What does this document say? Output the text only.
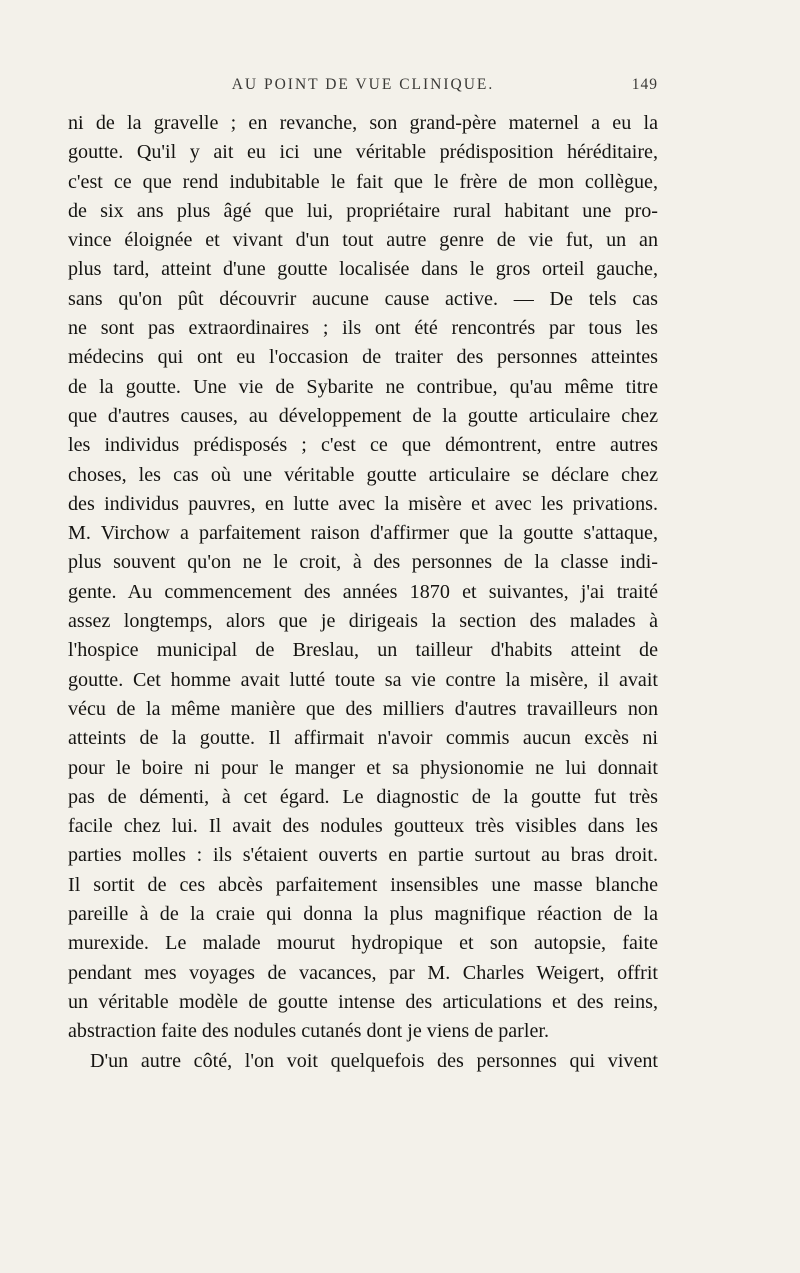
AU POINT DE VUE CLINIQUE.	149
ni de la gravelle ; en revanche, son grand-père maternel a eu la
goutte. Qu'il y ait eu ici une véritable prédisposition héréditaire,
c'est ce que rend indubitable le fait que le frère de mon collègue,
de six ans plus âgé que lui, propriétaire rural habitant une pro-
vince éloignée et vivant d'un tout autre genre de vie fut, un an
plus tard, atteint d'une goutte localisée dans le gros orteil gauche,
sans qu'on pût découvrir aucune cause active. — De tels cas
ne sont pas extraordinaires ; ils ont été rencontrés par tous les
médecins qui ont eu l'occasion de traiter des personnes atteintes
de la goutte. Une vie de Sybarite ne contribue, qu'au même titre
que d'autres causes, au développement de la goutte articulaire chez
les individus prédisposés ; c'est ce que démontrent, entre autres
choses, les cas où une véritable goutte articulaire se déclare chez
des individus pauvres, en lutte avec la misère et avec les privations.
M. Virchow a parfaitement raison d'affirmer que la goutte s'attaque,
plus souvent qu'on ne le croit, à des personnes de la classe indi-
gente. Au commencement des années 1870 et suivantes, j'ai traité
assez longtemps, alors que je dirigeais la section des malades à
l'hospice municipal de Breslau, un tailleur d'habits atteint de
goutte. Cet homme avait lutté toute sa vie contre la misère, il avait
vécu de la même manière que des milliers d'autres travailleurs non
atteints de la goutte. Il affirmait n'avoir commis aucun excès ni
pour le boire ni pour le manger et sa physionomie ne lui donnait
pas de démenti, à cet égard. Le diagnostic de la goutte fut très
facile chez lui. Il avait des nodules goutteux très visibles dans les
parties molles : ils s'étaient ouverts en partie surtout au bras droit.
Il sortit de ces abcès parfaitement insensibles une masse blanche
pareille à de la craie qui donna la plus magnifique réaction de la
murexide. Le malade mourut hydropique et son autopsie, faite
pendant mes voyages de vacances, par M. Charles Weigert, offrit
un véritable modèle de goutte intense des articulations et des reins,
abstraction faite des nodules cutanés dont je viens de parler.
D'un autre côté, l'on voit quelquefois des personnes qui vivent
